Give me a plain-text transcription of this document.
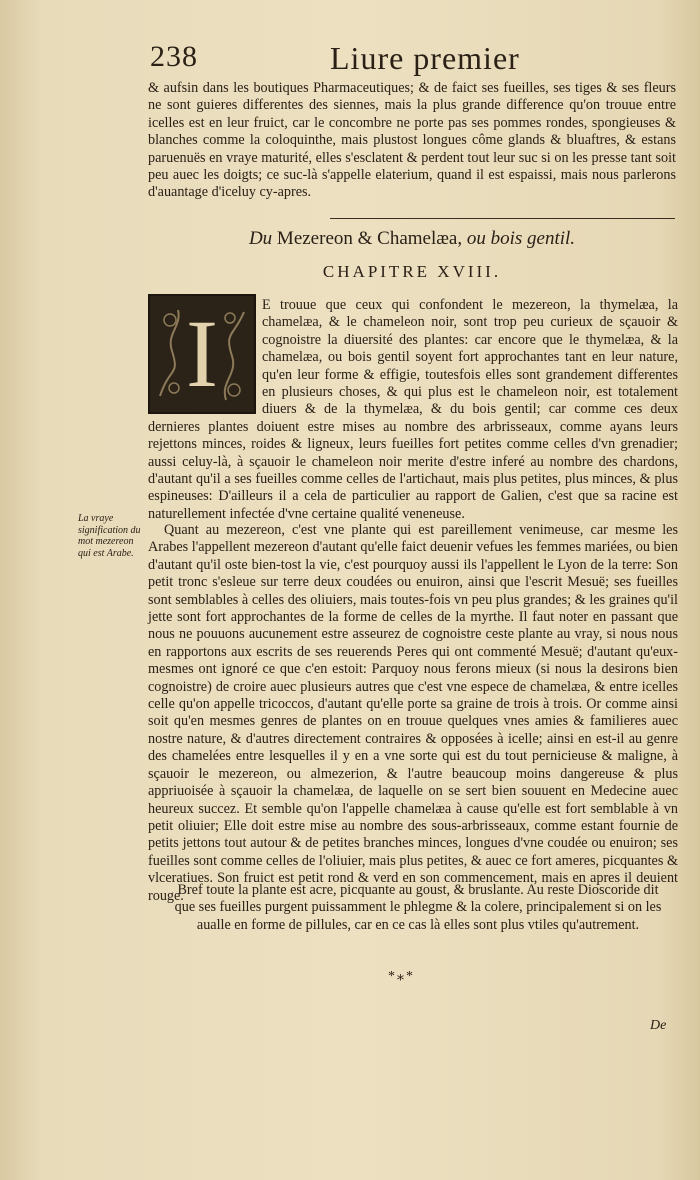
238	Liure premier
& aufsin dans les boutiques Pharmaceutiques; & de faict ses fueilles, ses tiges & ses fleurs ne sont guieres differentes des siennes, mais la plus grande difference qu'on trouue entre icelles est en leur fruict, car le concombre ne porte pas ses pommes rondes, spongieuses & blanches comme la coloquinthe, mais plustost longues côme glands & bluaftres, & estans paruenuës en vraye maturité, elles s'esclatent & perdent tout leur suc si on les presse tant soit peu auec les doigts; ce suc-là s'appelle elaterium, quand il est espaissi, mais nous parlerons d'auantage d'iceluy cy-apres.
Du Mezereon & Chamelæa, ou bois gentil.
CHAPITRE XVIII.
I	E trouue que ceux qui confondent le mezereon, la thymelæa, la chamelæa, & le chameleon noir, sont trop peu curieux de sçauoir & cognoistre la diuersité des plantes: car encore que le thymelæa, & la chamelæa, ou bois gentil soyent fort approchantes tant en leur nature, qu'en leur forme & effigie, toutesfois elles sont grandement differentes en plusieurs choses, & qui plus est le chameleon noir, est totalement diuers & de la thymelæa, & du bois gentil; car comme ces deux dernieres plantes doiuent estre mises au nombre des arbrisseaux, comme ayans leurs rejettons minces, roides & ligneux, leurs fueilles fort petites comme celles d'vn grenadier; aussi celuy-là, à sçauoir le chameleon noir merite d'estre inferé au nombre des chardons, d'autant qu'il a ses fueilles comme celles de l'artichaut, mais plus petites, plus minces, & plus espineuses: D'ailleurs il a cela de particulier au rapport de Galien, c'est que sa racine est naturellement infectée d'vne certaine qualité veneneuse.
La vraye signification du mot mezereon qui est Arabe.
Quant au mezereon, c'est vne plante qui est pareillement venimeuse, car mesme les Arabes l'appellent mezereon d'autant qu'elle faict deuenir vefues les femmes mariées, ou bien d'autant qu'il oste bien-tost la vie, c'est pourquoy aussi ils l'appellent le Lyon de la terre: Son petit tronc s'esleue sur terre deux coudées ou enuiron, ainsi que l'escrit Mesuë; ses fueilles sont semblables à celles des oliuiers, mais toutes-fois vn peu plus grandes; & les graines qu'il jette sont fort approchantes de la forme de celles de la myrthe. Il faut noter en passant que nous ne pouuons aucunement estre asseurez de cognoistre ceste plante au vray, si nous nous en rapportons aux escrits de ses reuerends Peres qui ont commenté Mesuë; d'autant qu'eux-mesmes ont ignoré ce que c'en estoit: Parquoy nous ferons mieux (si nous la desirons bien cognoistre) de croire auec plusieurs autres que c'est vne espece de chamelæa, & entre icelles celle qu'on appelle tricoccos, d'autant qu'elle porte sa graine de trois à trois. Or comme ainsi soit qu'en mesmes genres de plantes on en trouue quelques vnes amies & familieres auec nostre nature, & d'autres directement contraires & opposées à icelle; ainsi en est-il au genre des chamelées entre lesquelles il y en a vne sorte qui est du tout pernicieuse & maligne, à sçauoir le mezereon, ou almezerion, & l'autre beaucoup moins dangereuse & plus appriuoisée à sçauoir la chamelæa, de laquelle on se sert bien souuent en Medecine auec heureux succez. Et semble qu'on l'appelle chamelæa à cause qu'elle est fort semblable à vn petit oliuier; Elle doit estre mise au nombre des sous-arbrisseaux, comme estant fournie de petits jettons tout autour & de petites branches minces, longues d'vne coudée ou enuiron; ses fueilles sont comme celles de l'oliuier, mais plus petites, & auec ce fort ameres, picquantes & vlceratiues. Son fruict est petit rond & verd en son commencement, mais en apres il deuient rouge.
Bref toute la plante est acre, picquante au goust, & bruslante. Au reste Dioscoride dit que ses fueilles purgent puissamment le phlegme & la colere, principalement si on les aualle en forme de pillules, car en ce cas là elles sont plus vtiles qu'autrement.
*⁎*
De
